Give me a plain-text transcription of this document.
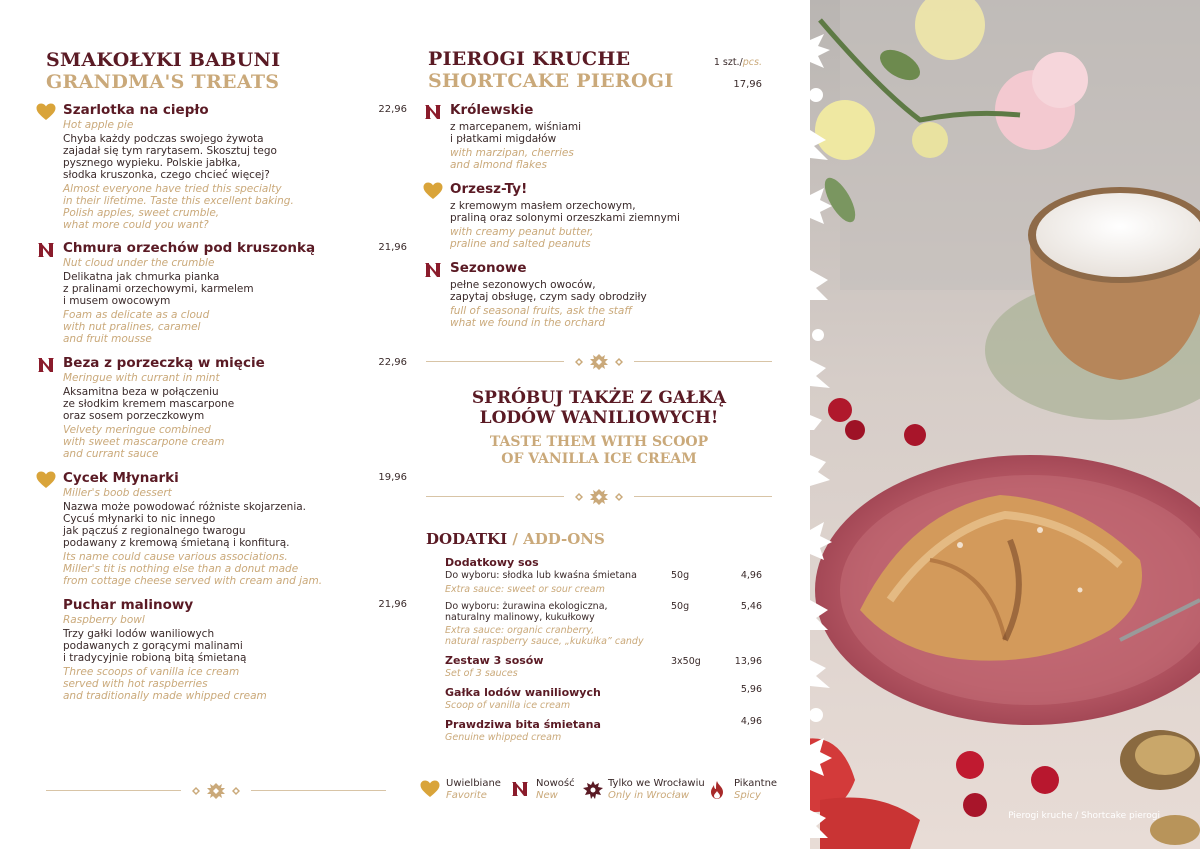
SMAKOŁYKI BABUNI
GRANDMA'S TREATS
Szarlotka na ciepło	22,96
Hot apple pie
Chyba każdy podczas swojego żywota
zajadał się tym rarytasem. Skosztuj tego
pysznego wypieku. Polskie jabłka,
słodka kruszonka, czego chcieć więcej?
Almost everyone have tried this specialty
in their lifetime. Taste this excellent baking.
Polish apples, sweet crumble,
what more could you want?
Chmura orzechów pod kruszonką	21,96
Nut cloud under the crumble
Delikatna jak chmurka pianka
z pralinami orzechowymi, karmelem
i musem owocowym
Foam as delicate as a cloud
with nut pralines, caramel
and fruit mousse
Beza z porzeczką w mięcie	22,96
Meringue with currant in mint
Aksamitna beza w połączeniu
ze słodkim kremem mascarpone
oraz sosem porzeczkowym
Velvety meringue combined
with sweet mascarpone cream
and currant sauce
Cycek Młynarki	19,96
Miller's boob dessert
Nazwa może powodować różniste skojarzenia.
Cycuś młynarki to nic innego
jak pączuś z regionalnego twarogu
podawany z kremową śmietaną i konfiturą.
Its name could cause various associations.
Miller's tit is nothing else than a donut made
from cottage cheese served with cream and jam.
Puchar malinowy	21,96
Raspberry bowl
Trzy gałki lodów waniliowych
podawanych z gorącymi malinami
i tradycyjnie robioną bitą śmietaną
Three scoops of vanilla ice cream
served with hot raspberries
and traditionally made whipped cream
PIEROGI KRUCHE
SHORTCAKE PIEROGI
1 szt./pcs.
17,96
Królewskie
z marcepanem, wiśniami
i płatkami migdałów
with marzipan, cherries
and almond flakes
Orzesz-Ty!
z kremowym masłem orzechowym,
praliną oraz solonymi orzeszkami ziemnymi
with creamy peanut butter,
praline and salted peanuts
Sezonowe
pełne sezonowych owoców,
zapytaj obsługę, czym sady obrodziły
full of seasonal fruits, ask the staff
what we found in the orchard
SPRÓBUJ TAKŻE Z GAŁKĄ
LODÓW WANILIOWYCH!
TASTE THEM WITH SCOOP
OF VANILLA ICE CREAM
DODATKI / ADD-ONS
Dodatkowy sos
Do wyboru: słodka lub kwaśna śmietana	50g	4,96
Extra sauce: sweet or sour cream
Do wyboru: żurawina ekologiczna,
naturalny malinowy, kukułkowy
50g	5,46
Extra sauce: organic cranberry,
natural raspberry sauce, „kukułka” candy
Zestaw 3 sosów	3x50g	13,96
Set of 3 sauces
Gałka lodów waniliowych	5,96
Scoop of vanilla ice cream
Prawdziwa bita śmietana	4,96
Genuine whipped cream
Uwielbiane
Favorite
Nowość
New
Tylko we Wrocławiu
Only in Wrocław
Pikantne
Spicy
Pierogi kruche / Shortcake pierogi
